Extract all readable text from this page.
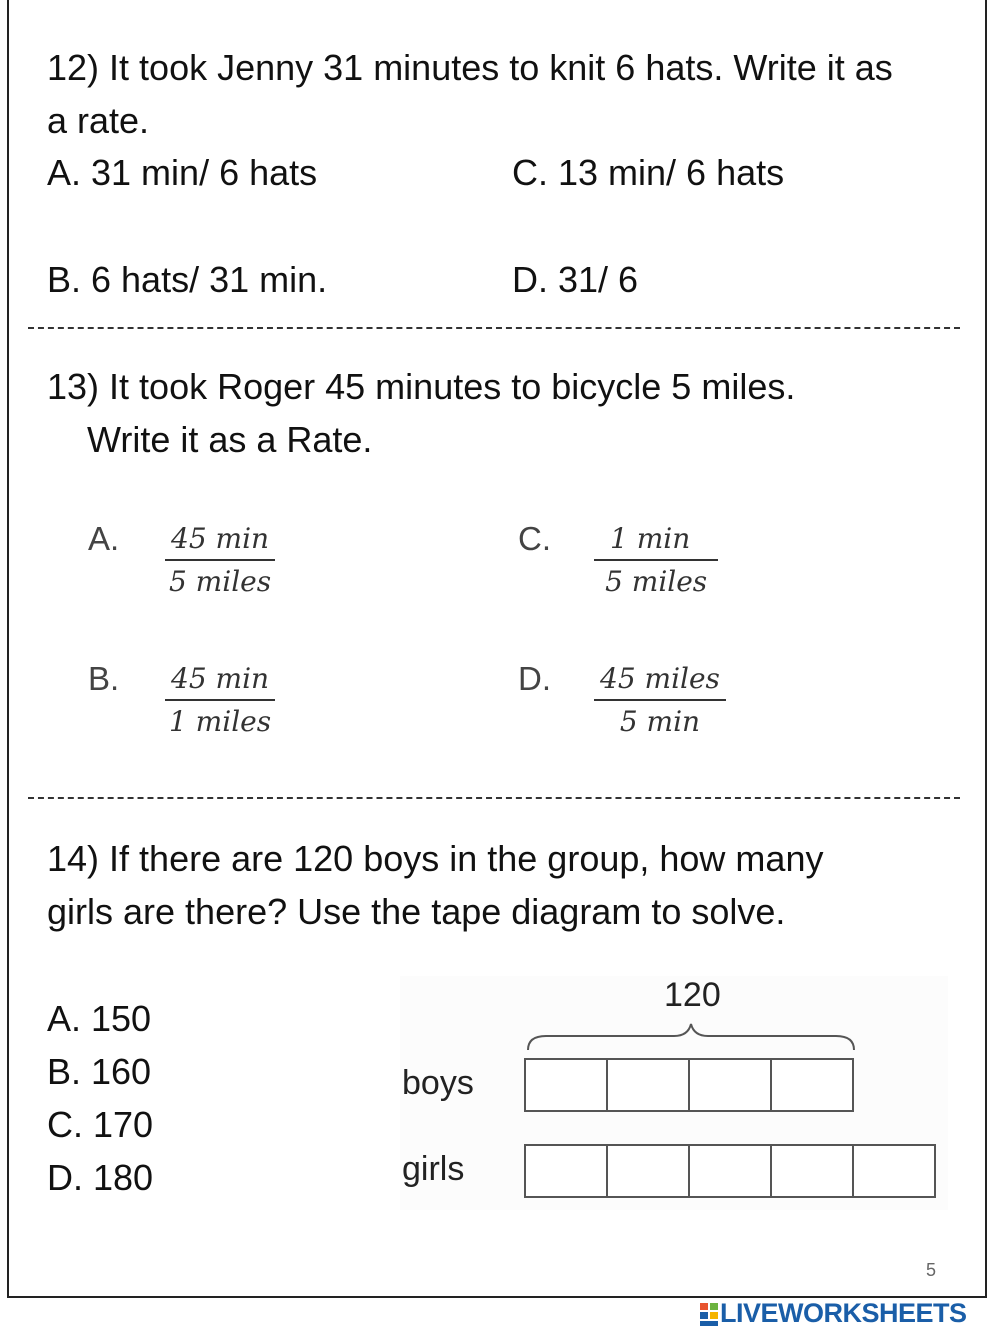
12) It took Jenny 31 minutes to knit 6 hats. Write it as
a rate.
A. 31 min/ 6 hats	C. 13 min/ 6 hats
B. 6 hats/ 31 min.	D. 31/ 6
13) It took Roger 45 minutes to bicycle 5 miles.
Write it as a Rate.
A. 45 min
5 miles
C.	1 min
5 miles
B. 45 min
1 miles
D. 45 miles
5 min
14) If there are 120 boys in the group, how many
girls are there? Use the tape diagram to solve.
A. 150
B. 160
C. 170
D. 180
120
boys
girls
5
LIVEWORKSHEETS
